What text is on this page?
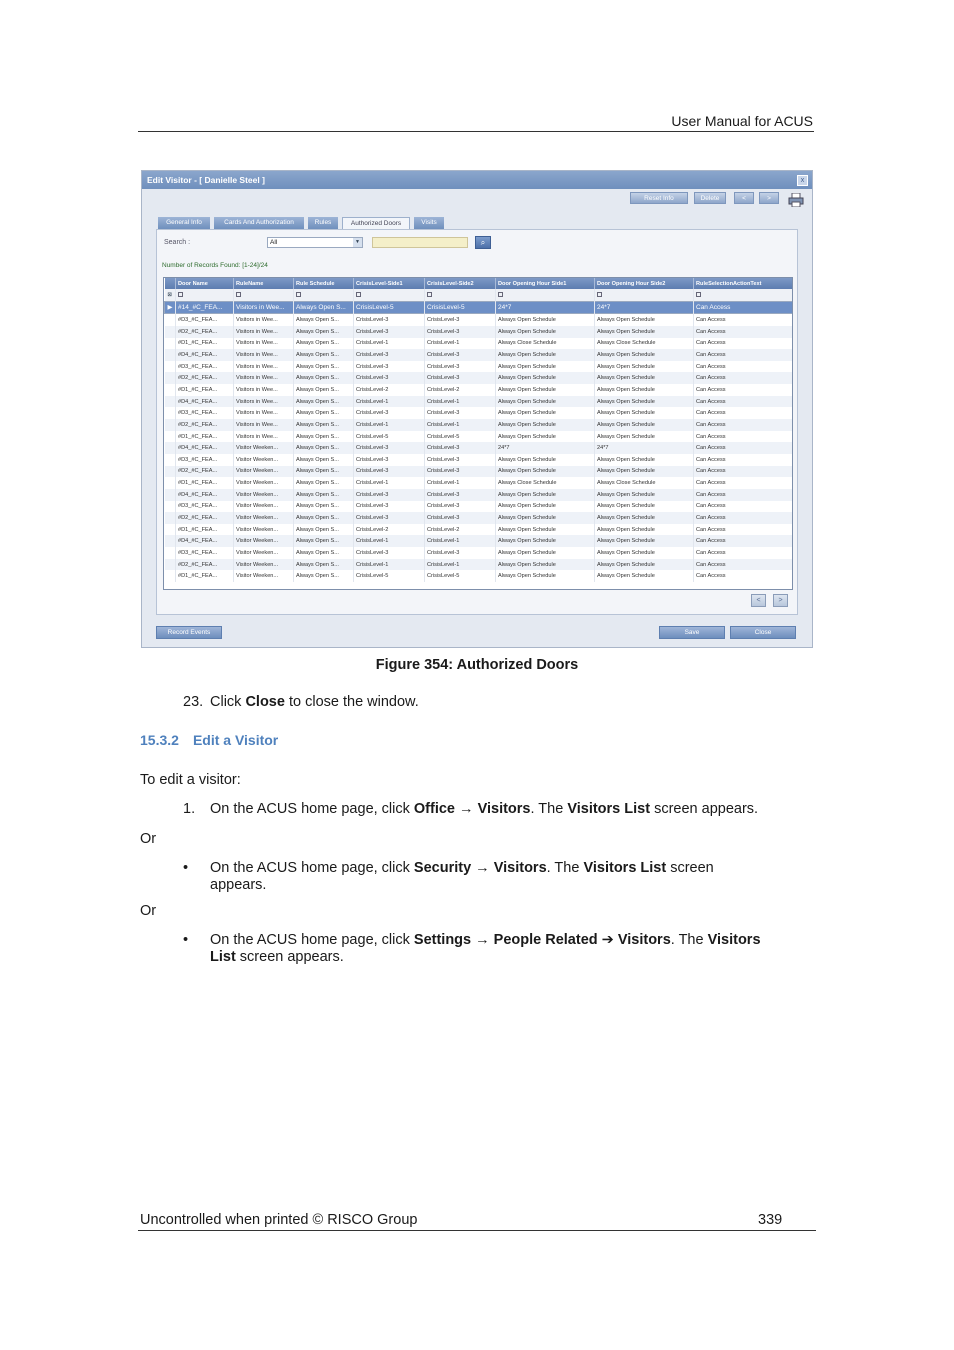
User Manual for ACUS
Edit Visitor - [ Danielle Steel ]	x
Reset Info	Delete	<	>
General Info	Cards And Authorization	Rules	Authorized Doors	Visits
Search :	All	▼	⌕
Number of Records Found: [1-24]/24
	Door Name	RuleName	Rule Schedule	CrisisLevel-Side1	CrisisLevel-Side2	Door Opening Hour Side1	Door Opening Hour Side2	RuleSelectionActionText
⊠								
▶	#14_#C_FEA...	Visitors in Wee...	Always Open S...	CrisisLevel-5	CrisisLevel-5	24*7	24*7	Can Access
	#D3_#C_FEA...	Visitors in Wee...	Always Open S...	CrisisLevel-3	CrisisLevel-3	Always Open Schedule	Always Open Schedule	Can Access
	#D2_#C_FEA...	Visitors in Wee...	Always Open S...	CrisisLevel-3	CrisisLevel-3	Always Open Schedule	Always Open Schedule	Can Access
	#D1_#C_FEA...	Visitors in Wee...	Always Open S...	CrisisLevel-1	CrisisLevel-1	Always Close Schedule	Always Close Schedule	Can Access
	#D4_#C_FEA...	Visitors in Wee...	Always Open S...	CrisisLevel-3	CrisisLevel-3	Always Open Schedule	Always Open Schedule	Can Access
	#D3_#C_FEA...	Visitors in Wee...	Always Open S...	CrisisLevel-3	CrisisLevel-3	Always Open Schedule	Always Open Schedule	Can Access
	#D2_#C_FEA...	Visitors in Wee...	Always Open S...	CrisisLevel-3	CrisisLevel-3	Always Open Schedule	Always Open Schedule	Can Access
	#D1_#C_FEA...	Visitors in Wee...	Always Open S...	CrisisLevel-2	CrisisLevel-2	Always Open Schedule	Always Open Schedule	Can Access
	#D4_#C_FEA...	Visitors in Wee...	Always Open S...	CrisisLevel-1	CrisisLevel-1	Always Open Schedule	Always Open Schedule	Can Access
	#D3_#C_FEA...	Visitors in Wee...	Always Open S...	CrisisLevel-3	CrisisLevel-3	Always Open Schedule	Always Open Schedule	Can Access
	#D2_#C_FEA...	Visitors in Wee...	Always Open S...	CrisisLevel-1	CrisisLevel-1	Always Open Schedule	Always Open Schedule	Can Access
	#D1_#C_FEA...	Visitors in Wee...	Always Open S...	CrisisLevel-5	CrisisLevel-5	Always Open Schedule	Always Open Schedule	Can Access
	#D4_#C_FEA...	Visitor Weeken...	Always Open S...	CrisisLevel-3	CrisisLevel-3	24*7	24*7	Can Access
	#D3_#C_FEA...	Visitor Weeken...	Always Open S...	CrisisLevel-3	CrisisLevel-3	Always Open Schedule	Always Open Schedule	Can Access
	#D2_#C_FEA...	Visitor Weeken...	Always Open S...	CrisisLevel-3	CrisisLevel-3	Always Open Schedule	Always Open Schedule	Can Access
	#D1_#C_FEA...	Visitor Weeken...	Always Open S...	CrisisLevel-1	CrisisLevel-1	Always Close Schedule	Always Close Schedule	Can Access
	#D4_#C_FEA...	Visitor Weeken...	Always Open S...	CrisisLevel-3	CrisisLevel-3	Always Open Schedule	Always Open Schedule	Can Access
	#D3_#C_FEA...	Visitor Weeken...	Always Open S...	CrisisLevel-3	CrisisLevel-3	Always Open Schedule	Always Open Schedule	Can Access
	#D2_#C_FEA...	Visitor Weeken...	Always Open S...	CrisisLevel-3	CrisisLevel-3	Always Open Schedule	Always Open Schedule	Can Access
	#D1_#C_FEA...	Visitor Weeken...	Always Open S...	CrisisLevel-2	CrisisLevel-2	Always Open Schedule	Always Open Schedule	Can Access
	#D4_#C_FEA...	Visitor Weeken...	Always Open S...	CrisisLevel-1	CrisisLevel-1	Always Open Schedule	Always Open Schedule	Can Access
	#D3_#C_FEA...	Visitor Weeken...	Always Open S...	CrisisLevel-3	CrisisLevel-3	Always Open Schedule	Always Open Schedule	Can Access
	#D2_#C_FEA...	Visitor Weeken...	Always Open S...	CrisisLevel-1	CrisisLevel-1	Always Open Schedule	Always Open Schedule	Can Access
	#D1_#C_FEA...	Visitor Weeken...	Always Open S...	CrisisLevel-5	CrisisLevel-5	Always Open Schedule	Always Open Schedule	Can Access
<	>
Record Events	Save	Close
Figure 354: Authorized Doors
23. Click Close to close the window.
15.3.2 Edit a Visitor
To edit a visitor:
1. On the ACUS home page, click Office → Visitors. The Visitors List screen appears.
Or
• On the ACUS home page, click Security → Visitors. The Visitors List screen
appears.
Or
• On the ACUS home page, click Settings → People Related ➔ Visitors. The Visitors
List screen appears.
Uncontrolled when printed © RISCO Group	339
